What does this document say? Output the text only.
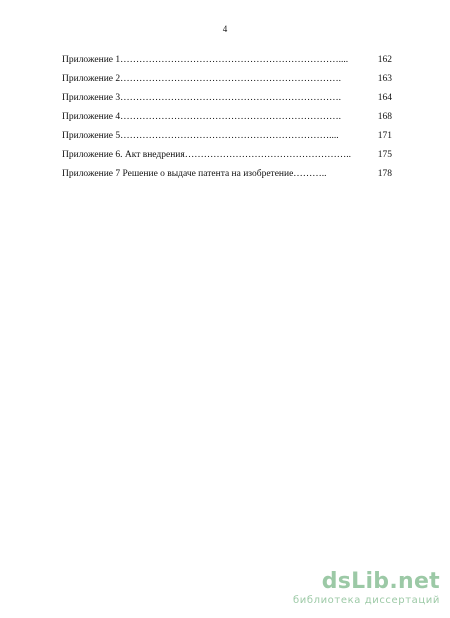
4
Приложение 1……………………………………………………………....	162
Приложение 2…………………………………………………………….	163
Приложение 3…………………………………………………………….	164
Приложение 4…………………………………………………………….	168
Приложение 5…………………………………………………………....	171
Приложение 6. Акт внедрения……………………………………………..	175
Приложение 7 Решение о выдаче патента на изобретение………..	178
dsLib.net
библиотека диссертаций
